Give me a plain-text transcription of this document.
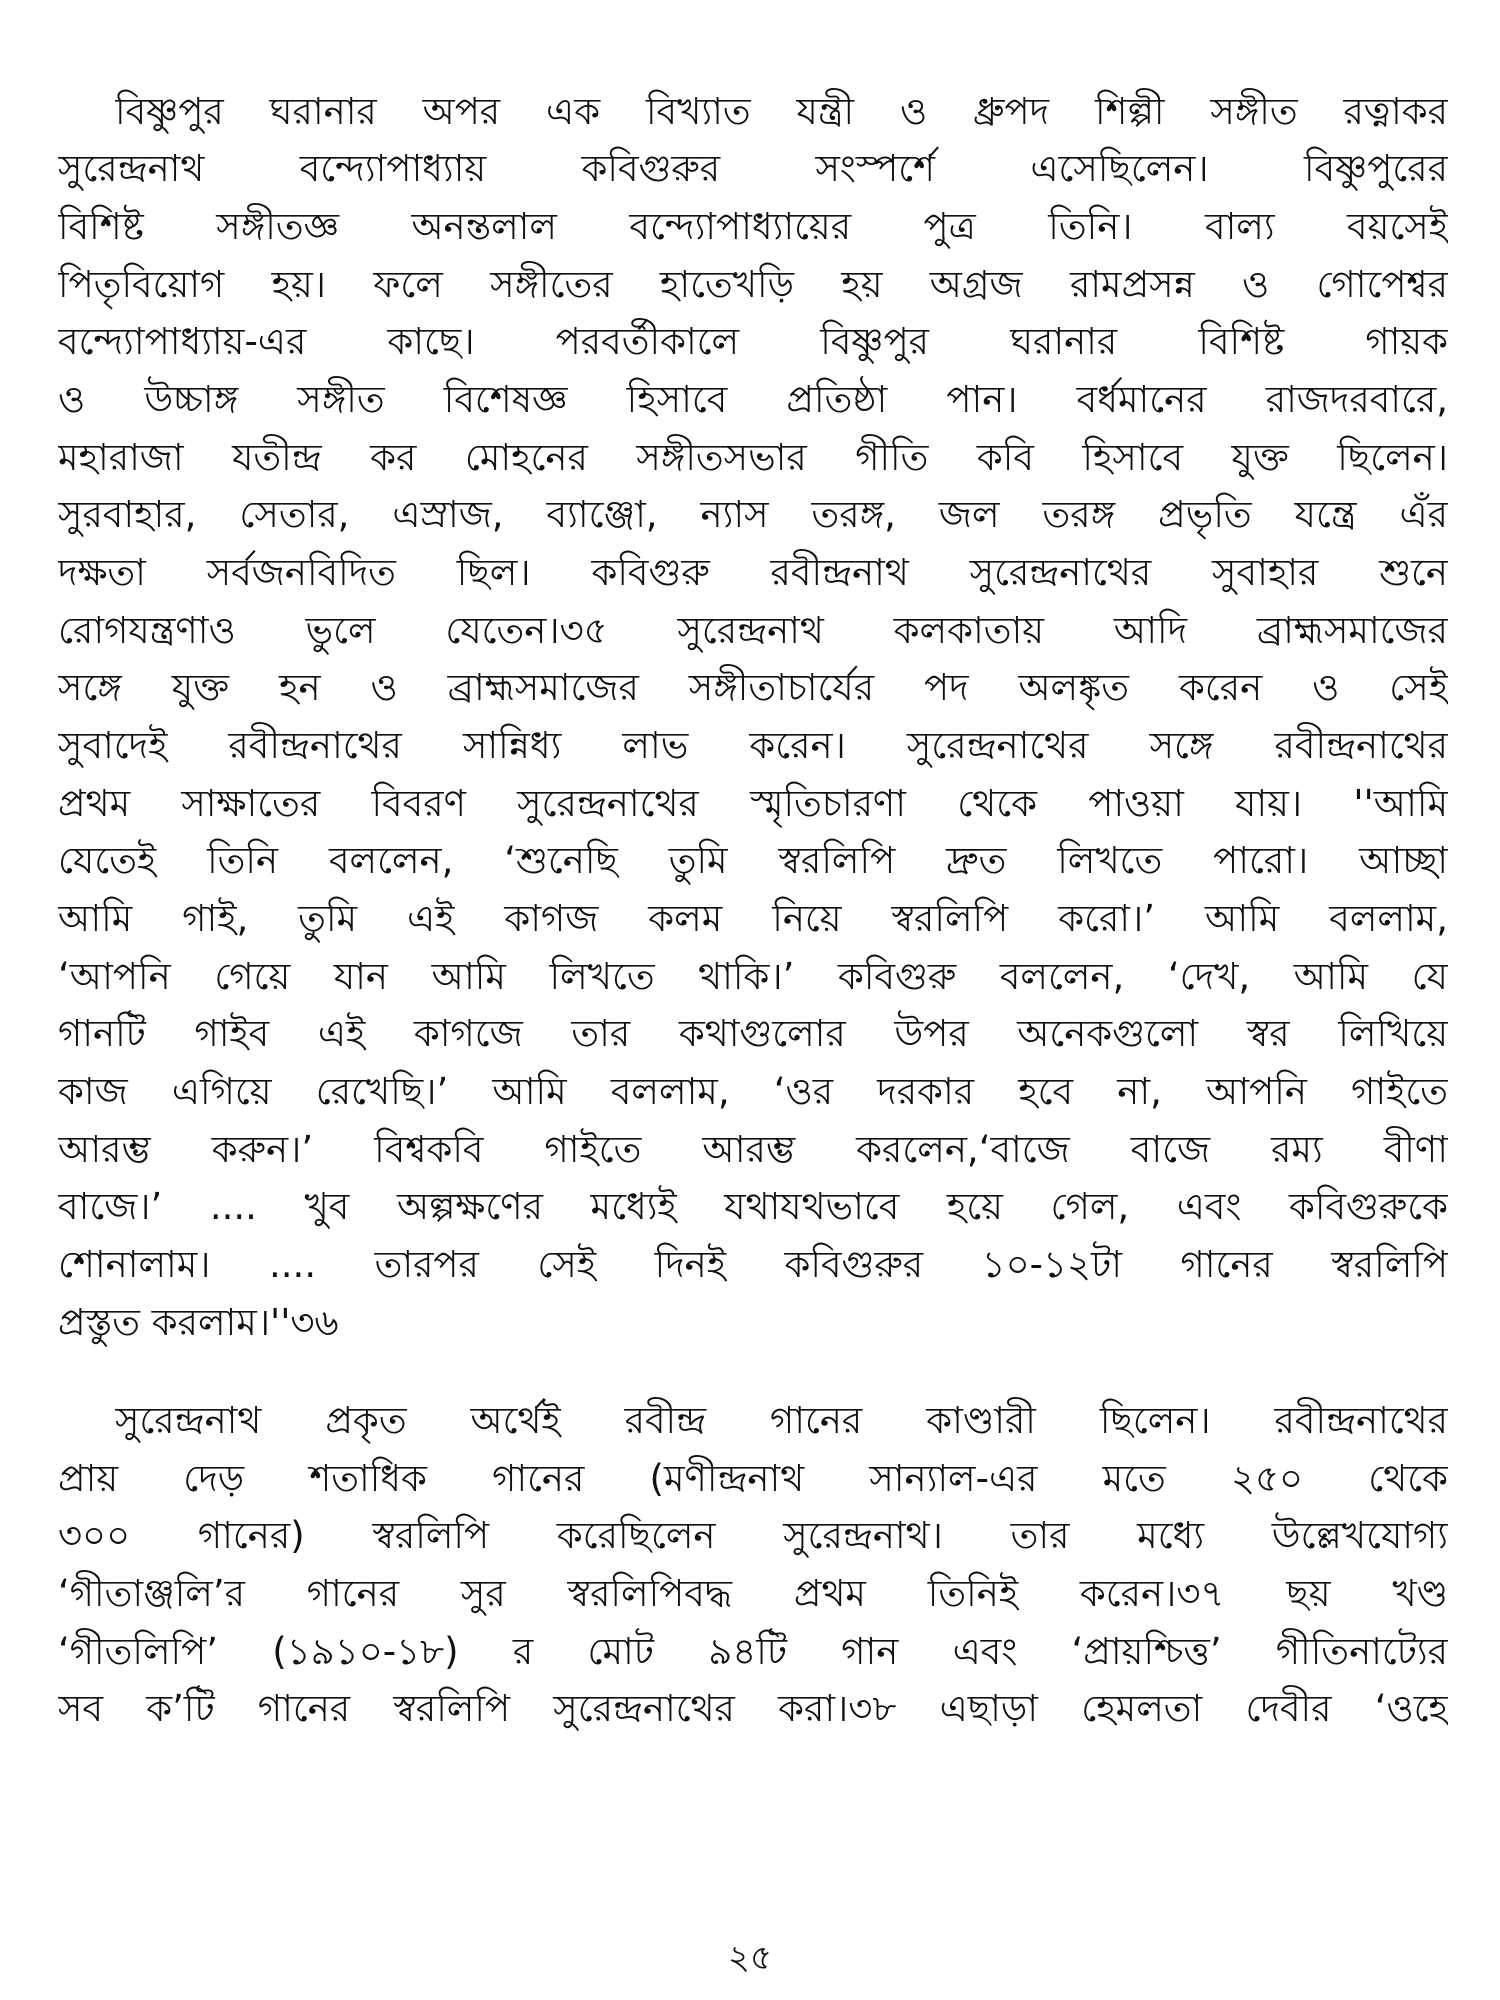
বিষ্ণুপুর ঘরানার অপর এক বিখ্যাত যন্ত্রী ও ধ্রুপদ শিল্পী সঙ্গীত রত্নাকর
সুরেন্দ্রনাথ বন্দ্যোপাধ্যায় কবিগুরুর সংস্পর্শে এসেছিলেন। বিষ্ণুপুরের
বিশিষ্ট সঙ্গীতজ্ঞ অনন্তলাল বন্দ্যোপাধ্যায়ের পুত্র তিনি। বাল্য বয়সেই
পিতৃবিয়োগ হয়। ফলে সঙ্গীতের হাতেখড়ি হয় অগ্রজ রামপ্রসন্ন ও গোপেশ্বর
বন্দ্যোপাধ্যায়-এর কাছে। পরবর্তীকালে বিষ্ণুপুর ঘরানার বিশিষ্ট গায়ক
ও উচ্চাঙ্গ সঙ্গীত বিশেষজ্ঞ হিসাবে প্রতিষ্ঠা পান। বর্ধমানের রাজদরবারে,
মহারাজা যতীন্দ্র কর মোহনের সঙ্গীতসভার গীতি কবি হিসাবে যুক্ত ছিলেন।
সুরবাহার, সেতার, এস্রাজ, ব্যাঞ্জো, ন্যাস তরঙ্গ, জল তরঙ্গ প্রভৃতি যন্ত্রে এঁর
দক্ষতা সর্বজনবিদিত ছিল। কবিগুরু রবীন্দ্রনাথ সুরেন্দ্রনাথের সুবাহার শুনে
রোগযন্ত্রণাও ভুলে যেতেন।৩৫ সুরেন্দ্রনাথ কলকাতায় আদি ব্রাহ্মসমাজের
সঙ্গে যুক্ত হন ও ব্রাহ্মসমাজের সঙ্গীতাচার্যের পদ অলঙ্কৃত করেন ও সেই
সুবাদেই রবীন্দ্রনাথের সান্নিধ্য লাভ করেন। সুরেন্দ্রনাথের সঙ্গে রবীন্দ্রনাথের
প্রথম সাক্ষাতের বিবরণ সুরেন্দ্রনাথের স্মৃতিচারণা থেকে পাওয়া যায়। ''আমি
যেতেই তিনি বললেন, ‘শুনেছি তুমি স্বরলিপি দ্রুত লিখতে পারো। আচ্ছা
আমি গাই, তুমি এই কাগজ কলম নিয়ে স্বরলিপি করো।’ আমি বললাম,
‘আপনি গেয়ে যান আমি লিখতে থাকি।’ কবিগুরু বললেন, ‘দেখ, আমি যে
গানটি গাইব এই কাগজে তার কথাগুলোর উপর অনেকগুলো স্বর লিখিয়ে
কাজ এগিয়ে রেখেছি।’ আমি বললাম, ‘ওর দরকার হবে না, আপনি গাইতে
আরম্ভ করুন।’ বিশ্বকবি গাইতে আরম্ভ করলেন,‘বাজে বাজে রম্য বীণা
বাজে।’ .... খুব অল্পক্ষণের মধ্যেই যথাযথভাবে হয়ে গেল, এবং কবিগুরুকে
শোনালাম। .... তারপর সেই দিনই কবিগুরুর ১০-১২টা গানের স্বরলিপি
প্রস্তুত করলাম।''৩৬
সুরেন্দ্রনাথ প্রকৃত অর্থেই রবীন্দ্র গানের কাণ্ডারী ছিলেন। রবীন্দ্রনাথের
প্রায় দেড় শতাধিক গানের (মণীন্দ্রনাথ সান্যাল-এর মতে ২৫০ থেকে
৩০০ গানের) স্বরলিপি করেছিলেন সুরেন্দ্রনাথ। তার মধ্যে উল্লেখযোগ্য
‘গীতাঞ্জলি’র গানের সুর স্বরলিপিবদ্ধ প্রথম তিনিই করেন।৩৭ ছয় খণ্ড
‘গীতলিপি’ (১৯১০-১৮) র মোট ৯৪টি গান এবং ‘প্রায়শ্চিত্ত’ গীতিনাট্যের
সব ক’টি গানের স্বরলিপি সুরেন্দ্রনাথের করা।৩৮ এছাড়া হেমলতা দেবীর ‘ওহে
২৫
